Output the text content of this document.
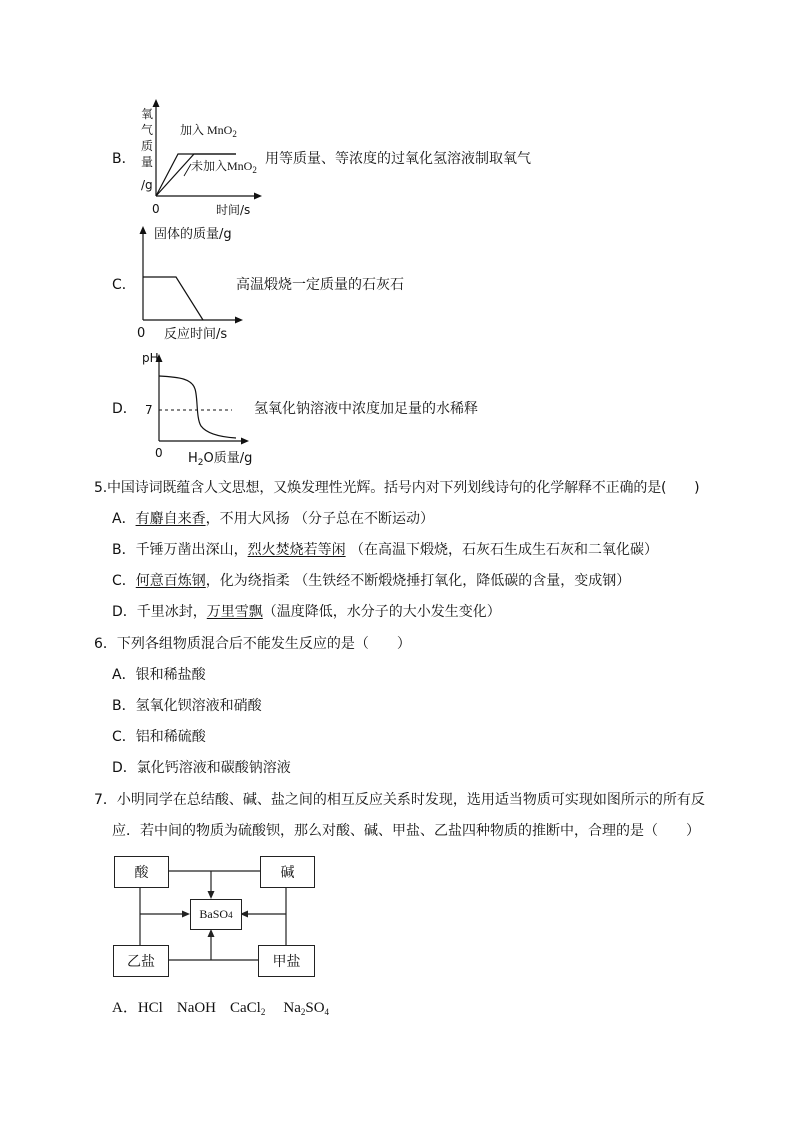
B．
氧
气
质
量
/g
0	时间/s
加入 MnO$_2$
未加入MnO$_2$
用等质量、等浓度的过氧化氢溶液制取氧气
C．
固体的质量/g
0 反应时间/s
高温煅烧一定质量的石灰石
D．
pH
7
0 $H_2O$质量/g
氢氧化钠溶液中浓度加足量的水稀释
5.中国诗词既蕴含人文思想，又焕发理性光辉。括号内对下列划线诗句的化学解释不正确的是(　　)
A．有麝自来香，不用大风扬 （分子总在不断运动）
B．千锤万凿出深山，烈火焚烧若等闲 （在高温下煅烧，石灰石生成生石灰和二氧化碳）
C．何意百炼钢，化为绕指柔 （生铁经不断煅烧捶打氧化，降低碳的含量，变成钢）
D．千里冰封，万里雪飘（温度降低，水分子的大小发生变化）
6．下列各组物质混合后不能发生反应的是（　　）
A．银和稀盐酸
B．氢氧化钡溶液和硝酸
C．铝和稀硫酸
D．氯化钙溶液和碳酸钠溶液
7．小明同学在总结酸、碱、盐之间的相互反应关系时发现，选用适当物质可实现如图所示的所有反
应．若中间的物质为硫酸钡，那么对酸、碱、甲盐、乙盐四种物质的推断中，合理的是（　　）
酸	碱
BaSO 4
乙盐	甲盐
A．HCl NaOH CaCl$_2$ $Na_2SO_4$
